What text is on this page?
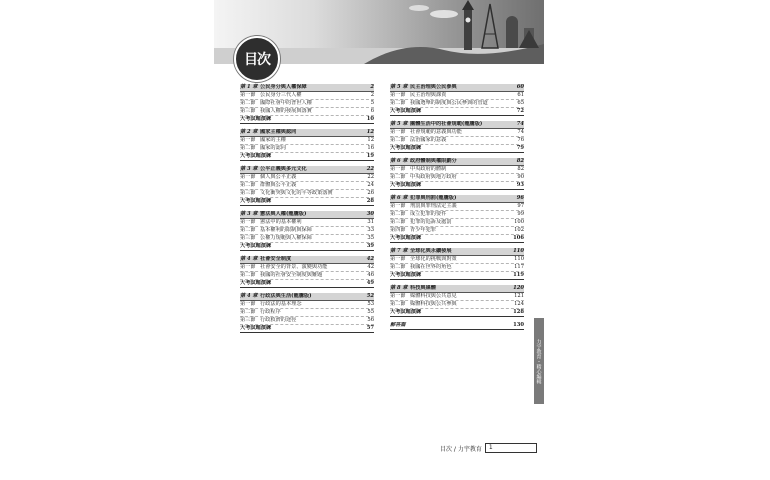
目次
第 1 章 公民身分與人權保障	2
第一節 公民身分三代人權	2
第二節 國際社會中的普世人權	5
第三節 我國人權的發展與落實	6
大考試題演練	10
第 2 章 國家主權與認同	12
第一節 國家的主權	12
第二節 國家的認同	16
大考試題演練	19
第 3 章 公平正義與多元文化	22
第一節 個人與公平正義	22
第二節 群體與公平正義	24
第三節 文化衝突與文化的平等政策落實	26
大考試題演練	28
第 3 章 憲法與人權(龍騰版)	30
第一節 憲法中的基本權利	31
第二節 基本權利的限制與保障	33
第三節 公權力規範與人權保障	35
大考試題演練	39
第 4 章 社會安全制度	42
第一節 社會安全的背景、演變與功能	42
第二節 我國的社會安全制度與難題	46
大考試題演練	49
第 4 章 行政法與生活(龍騰版)	52
第一節 行政法的基本理念	53
第二節 行政程序	55
第三節 行政救濟的途徑	56
大考試題演練	57
第 5 章 民主治理與公民參與	60
第一節 民主治理與課責	61
第二節 我國選舉的制度與公民參與的管道	65
大考試題演練	72
第 5 章 團體生活中的社會規範(龍騰版)	74
第一節 社會規範的意義與功能	74
第二節 法治國家的意義	76
大考試題演練	79
第 6 章 政府體制與權限劃分	82
第一節 中央政府的體制	82
第二節 中央政府與地方政府	90
大考試題演練	93
第 6 章 犯罪與刑罰(龍騰版)	96
第一節 刑罰與罪刑法定主義	97
第二節 成立犯罪的要件	99
第三節 犯罪的追訴及處罰	100
第四節 青少年犯罪	102
大考試題演練	106
第 7 章 全球化與永續發展	110
第一節 全球化的挑戰與對策	110
第二節 我國在世界的角色	117
大考試題演練	119
第 8 章 科技與媒體	120
第一節 媒體科技與公共意見	121
第二節 媒體科技與公共參與	124
大考試題演練	128
解答篇	130
力宇教育・精心編輯
目次 / 力宇教育	1
